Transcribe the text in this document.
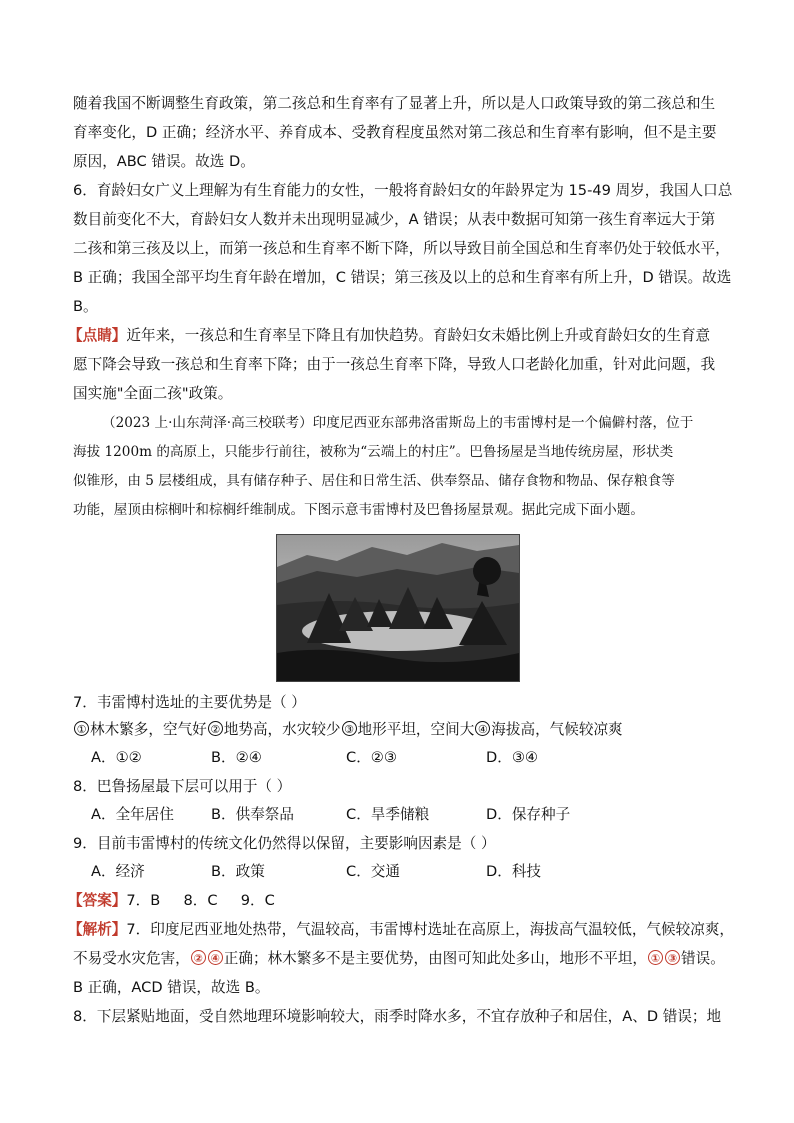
随着我国不断调整生育政策，第二孩总和生育率有了显著上升，所以是人口政策导致的第二孩总和生

育率变化，D 正确；经济水平、养育成本、受教育程度虽然对第二孩总和生育率有影响，但不是主要

原因，ABC 错误。故选 D。

6．育龄妇女广义上理解为有生育能力的女性，一般将育龄妇女的年龄界定为 15-49 周岁，我国人口总

数目前变化不大，育龄妇女人数并未出现明显减少，A 错误；从表中数据可知第一孩生育率远大于第

二孩和第三孩及以上，而第一孩总和生育率不断下降，所以导致目前全国总和生育率仍处于较低水平，

B 正确；我国全部平均生育年龄在增加，C 错误；第三孩及以上的总和生育率有所上升，D 错误。故选

B。

【点睛】近年来，一孩总和生育率呈下降且有加快趋势。育龄妇女未婚比例上升或育龄妇女的生育意

愿下降会导致一孩总和生育率下降；由于一孩总生育率下降，导致人口老龄化加重，针对此问题，我

国实施"全面二孩"政策。

（2023 上·山东菏泽·高三校联考）印度尼西亚东部弗洛雷斯岛上的韦雷博村是一个偏僻村落，位于

海拔 1200m 的高原上，只能步行前往，被称为“云端上的村庄”。巴鲁扬屋是当地传统房屋，形状类

似锥形，由 5 层楼组成，具有储存种子、居住和日常生活、供奉祭品、储存食物和物品、保存粮食等

功能，屋顶由棕榈叶和棕榈纤维制成。下图示意韦雷博村及巴鲁扬屋景观。据此完成下面小题。

7．韦雷博村选址的主要优势是（ ）

① 林木繁多，空气好 ② 地势高，水灾较少 ③ 地形平坦，空间大 ④ 海拔高，气候较凉爽

A．①②	B．②④	C．②③	D．③④

8．巴鲁扬屋最下层可以用于（ ）

A．全年居住	B．供奉祭品	C．旱季储粮	D．保存种子

9．目前韦雷博村的传统文化仍然得以保留，主要影响因素是（ ）

A．经济	B．政策	C．交通	D．科技

【答案】7．B     8．C     9．C

【解析】7．印度尼西亚地处热带，气温较高，韦雷博村选址在高原上，海拔高气温较低，气候较凉爽，

不易受水灾危害， ② ④ 正确；林木繁多不是主要优势，由图可知此处多山，地形不平坦， ① ③ 错误。

B 正确，ACD 错误，故选 B。

8．下层紧贴地面，受自然地理环境影响较大，雨季时降水多，不宜存放种子和居住，A、D 错误；地
